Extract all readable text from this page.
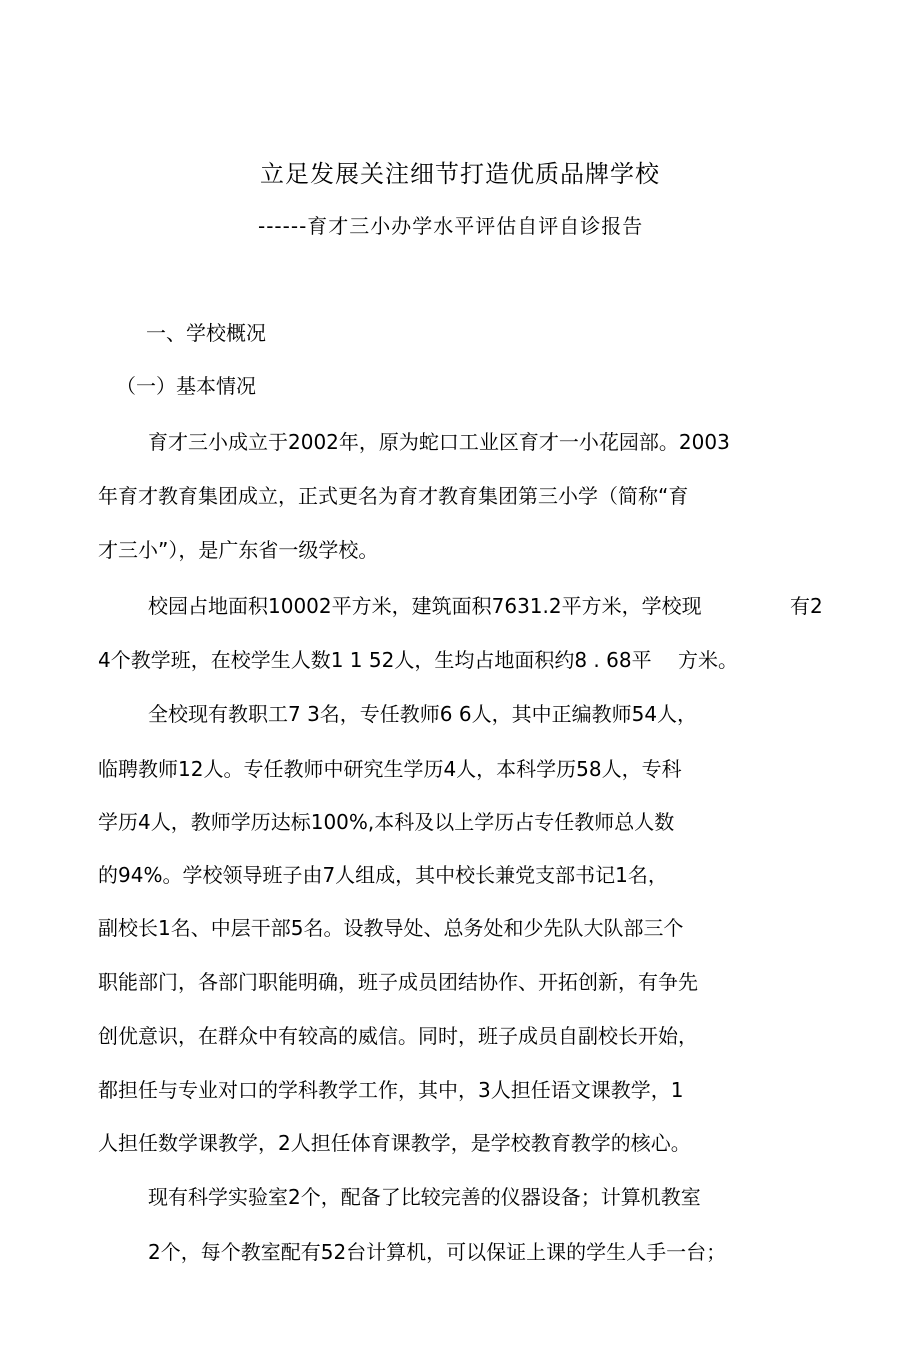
立足发展关注细节打造优质品牌学校
------育才三小办学水平评估自评自诊报告
一、学校概况
（一）基本情况
育才三小成立于2002年，原为蛇口工业区育才一小花园部。2003
年育才教育集团成立，正式更名为育才教育集团第三小学（简称“育
才三小”），是广东省一级学校。
校园占地面积10002平方米，建筑面积7631.2平方米，学校现	有2
4个教学班，在校学生人数1 1 52人，生均占地面积约8 . 68平 方米。
全校现有教职工7 3名，专任教师6 6人，其中正编教师54人，
临聘教师12人。专任教师中研究生学历4人，本科学历58人，专科
学历4人，教师学历达标100%,本科及以上学历占专任教师总人数
的94%。学校领导班子由7人组成，其中校长兼党支部书记1名，
副校长1名、中层干部5名。设教导处、总务处和少先队大队部三个
职能部门，各部门职能明确，班子成员团结协作、开拓创新，有争先
创优意识，在群众中有较高的威信。同时，班子成员自副校长开始，
都担任与专业对口的学科教学工作，其中，3人担任语文课教学，1
人担任数学课教学，2人担任体育课教学，是学校教育教学的核心。
现有科学实验室2个，配备了比较完善的仪器设备；计算机教室
2个，每个教室配有52台计算机，可以保证上课的学生人手一台；
